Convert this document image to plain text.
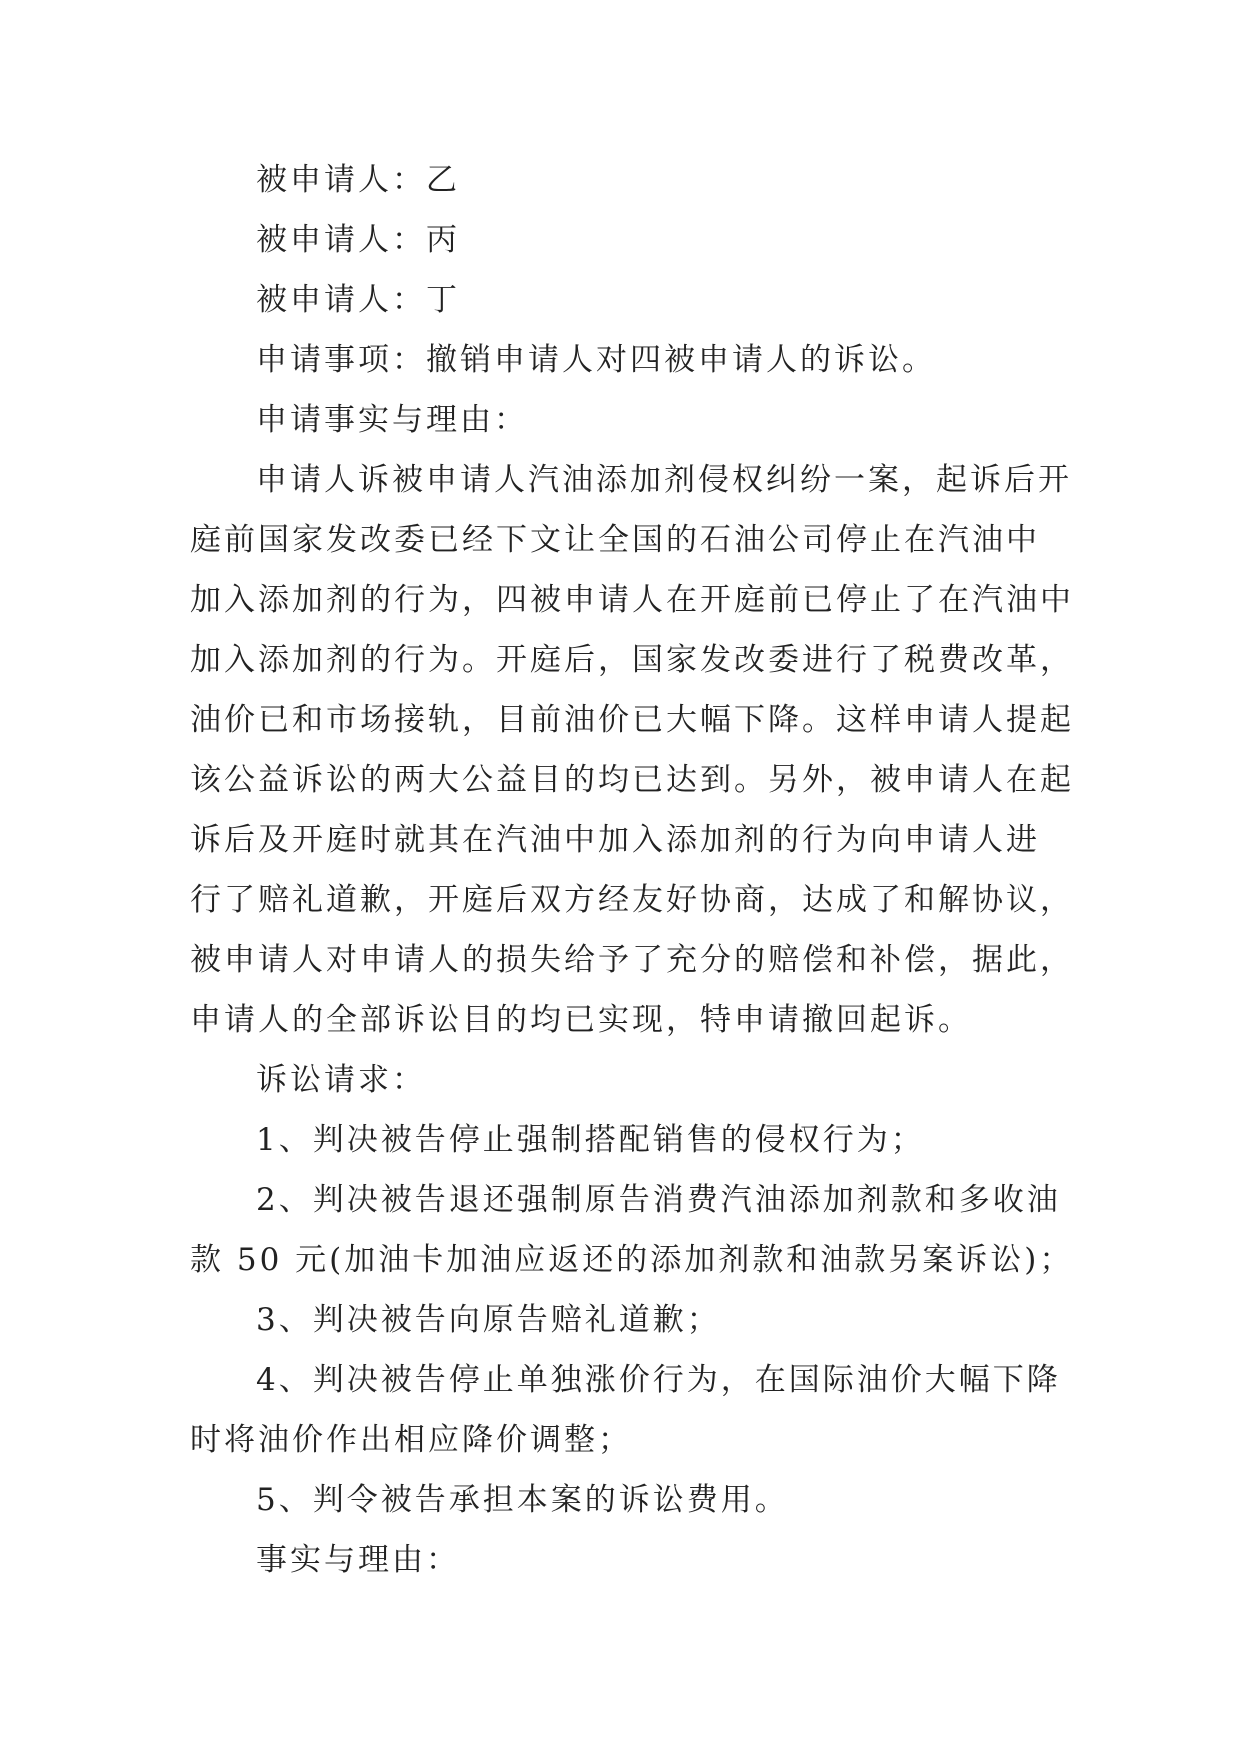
被申请人：乙
被申请人：丙
被申请人：丁
申请事项：撤销申请人对四被申请人的诉讼。
申请事实与理由：
申请人诉被申请人汽油添加剂侵权纠纷一案，起诉后开
庭前国家发改委已经下文让全国的石油公司停止在汽油中
加入添加剂的行为，四被申请人在开庭前已停止了在汽油中
加入添加剂的行为。开庭后，国家发改委进行了税费改革，
油价已和市场接轨，目前油价已大幅下降。这样申请人提起
该公益诉讼的两大公益目的均已达到。另外，被申请人在起
诉后及开庭时就其在汽油中加入添加剂的行为向申请人进
行了赔礼道歉，开庭后双方经友好协商，达成了和解协议，
被申请人对申请人的损失给予了充分的赔偿和补偿，据此，
申请人的全部诉讼目的均已实现，特申请撤回起诉。
诉讼请求：
1、判决被告停止强制搭配销售的侵权行为；
2、判决被告退还强制原告消费汽油添加剂款和多收油
款 50 元(加油卡加油应返还的添加剂款和油款另案诉讼)；
3、判决被告向原告赔礼道歉；
4、判决被告停止单独涨价行为，在国际油价大幅下降
时将油价作出相应降价调整；
5、判令被告承担本案的诉讼费用。
事实与理由：
